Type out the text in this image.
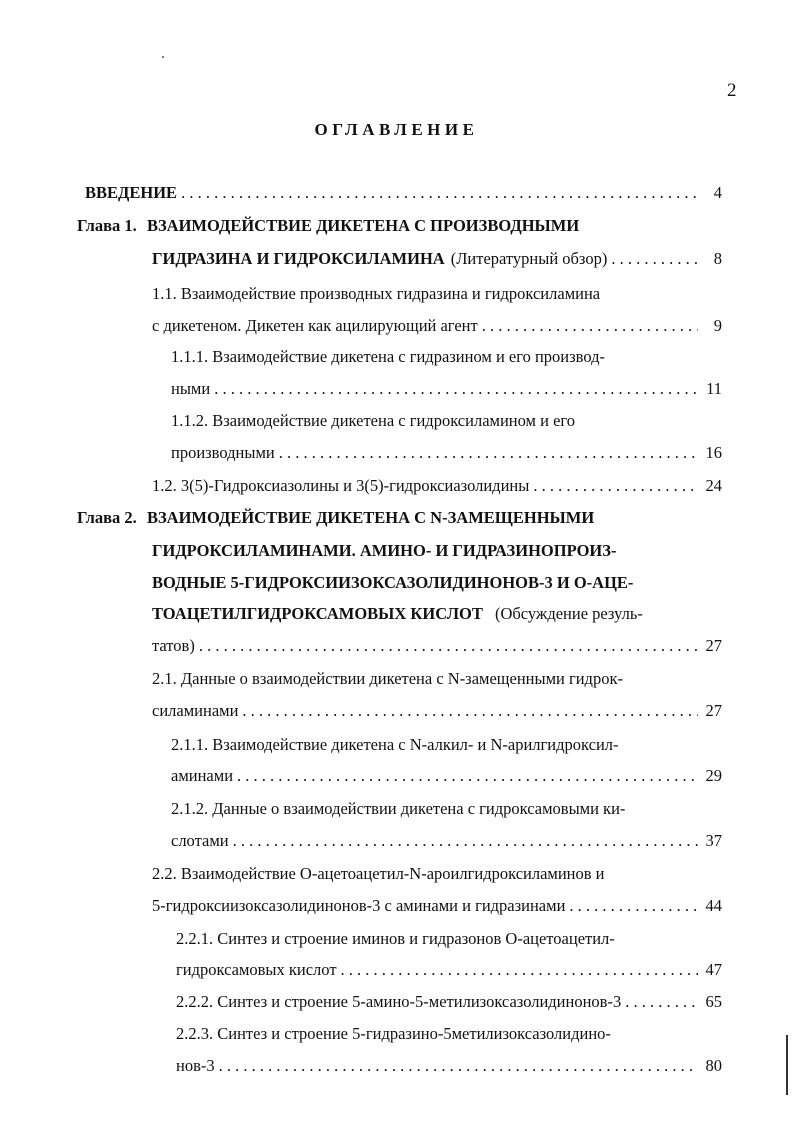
2
ОГЛАВЛЕНИЕ
ВВЕДЕНИЕ . . .	4
Глава 1. ВЗАИМОДЕЙСТВИЕ ДИКЕТЕНА С ПРОИЗВОДНЫМИ
ГИДРАЗИНА И ГИДРОКСИЛАМИНА (Литературный обзор) . . .	8
1.1. Взаимодействие производных гидразина и гидроксиламина
с дикетеном. Дикетен как ацилирующий агент . . .	9
1.1.1. Взаимодействие дикетена с гидразином и его производ-
ными . . .	11
1.1.2. Взаимодействие дикетена с гидроксиламином и его
производными . . .	16
1.2. 3(5)-Гидроксиазолины и 3(5)-гидроксиазолидины . . .	24
Глава 2. ВЗАИМОДЕЙСТВИЕ ДИКЕТЕНА С N-ЗАМЕЩЕННЫМИ
ГИДРОКСИЛАМИНАМИ. АМИНО- И ГИДРАЗИНОПРОИЗ-
ВОДНЫЕ 5-ГИДРОКСИИЗОКСАЗОЛИДИНОНОВ-3 И О-АЦЕ-
ТОАЦЕТИЛГИДРОКСАМОВЫХ КИСЛОТ (Обсуждение резуль-
татов) . . .	27
2.1. Данные о взаимодействии дикетена с N-замещенными гидрок-
силаминами . . .	27
2.1.1. Взаимодействие дикетена с N-алкил- и N-арилгидроксил-
аминами . . .	29
2.1.2. Данные о взаимодействии дикетена с гидроксамовыми ки-
слотами . . .	37
2.2. Взаимодействие О-ацетоацетил-N-ароилгидроксиламинов и
5-гидроксиизоксазолидинонов-3 с аминами и гидразинами . . .	44
2.2.1. Синтез и строение иминов и гидразонов О-ацетоацетил-
гидроксамовых кислот . . .	47
2.2.2. Синтез и строение 5-амино-5-метилизоксазолидинонов-3 . . .	65
2.2.3. Синтез и строение 5-гидразино-5метилизоксазолидино-
нов-3 . . .	80
